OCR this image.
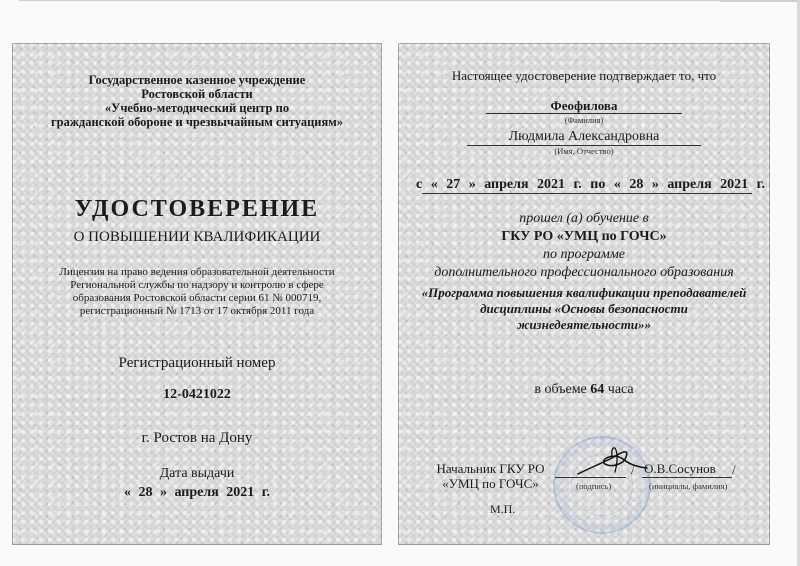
Государственное казенное учреждение
Ростовской области
«Учебно-методический центр по
гражданской обороне и чрезвычайным ситуациям»
УДОСТОВЕРЕНИЕ
О ПОВЫШЕНИИ КВАЛИФИКАЦИИ
Лицензия на право ведения образовательной деятельности
Региональной службы по надзору и контролю в сфере
образования Ростовской области серии 61 № 000719,
регистрационный № 1713 от 17 октября 2011 года
Регистрационный номер
12-0421022
г. Ростов на Дону
Дата выдачи
« 28 » апреля 2021 г.
Настоящее удостоверение подтверждает то, что
Феофилова
(Фамилия)
Людмила Александровна
(Имя, Отчество)
с « 27 » апреля 2021 г. по « 28 » апреля 2021 г.
прошел (а) обучение в
ГКУ РО «УМЦ по ГОЧС»
по программе
дополнительного профессионального образования
«Программа повышения квалификации преподавателей дисциплины «Основы безопасности жизнедеятельности»»
в объеме 64 часа
Начальник ГКУ РО
«УМЦ по ГОЧС»
/ О.В.Сосунов /
(подпись)	(инициалы, фамилия)
М.П.
